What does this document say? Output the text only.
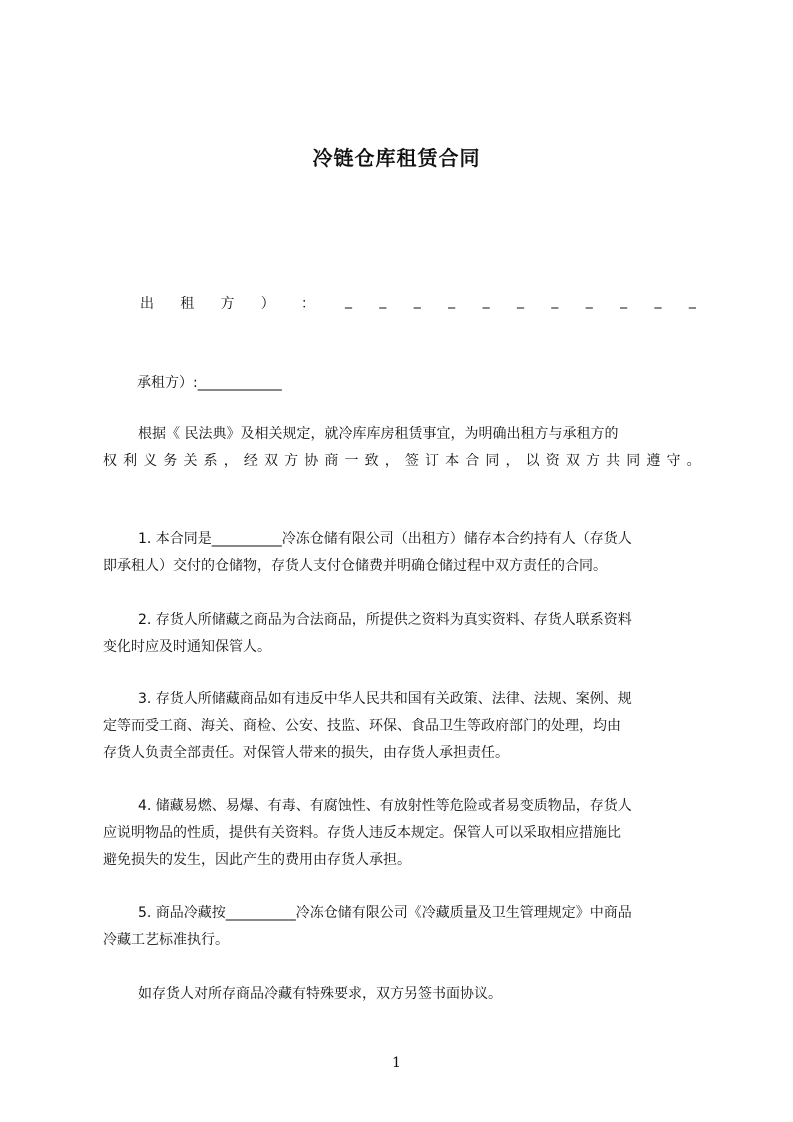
冷链仓库租赁合同
出 租 方 ） ： _ _ _ _ _ _ _ _ _ _ _
承租方）:____________
根据《 民法典》及相关规定，就冷库库房租赁事宜，为明确出租方与承租方的
权 利 义 务 关 系 ， 经 双 方 协 商 一 致 ， 签 订 本 合 同 ， 以 资 双 方 共 同 遵 守 。
1. 本合同是__________冷冻仓储有限公司（出租方）储存本合约持有人（存货人
即承租人）交付的仓储物，存货人支付仓储费并明确仓储过程中双方责任的合同。
2. 存货人所储藏之商品为合法商品，所提供之资料为真实资料、存货人联系资料
变化时应及时通知保管人。
3. 存货人所储藏商品如有违反中华人民共和国有关政策、法律、法规、案例、规
定等而受工商、海关、商检、公安、技监、环保、食品卫生等政府部门的处理，均由
存货人负责全部责任。对保管人带来的损失，由存货人承担责任。
4. 储藏易燃、易爆、有毒、有腐蚀性、有放射性等危险或者易变质物品，存货人
应说明物品的性质，提供有关资料。存货人违反本规定。保管人可以采取相应措施比
避免损失的发生，因此产生的费用由存货人承担。
5. 商品冷藏按__________冷冻仓储有限公司《冷藏质量及卫生管理规定》中商品
冷藏工艺标准执行。
如存货人对所存商品冷藏有特殊要求，双方另签书面协议。
1
